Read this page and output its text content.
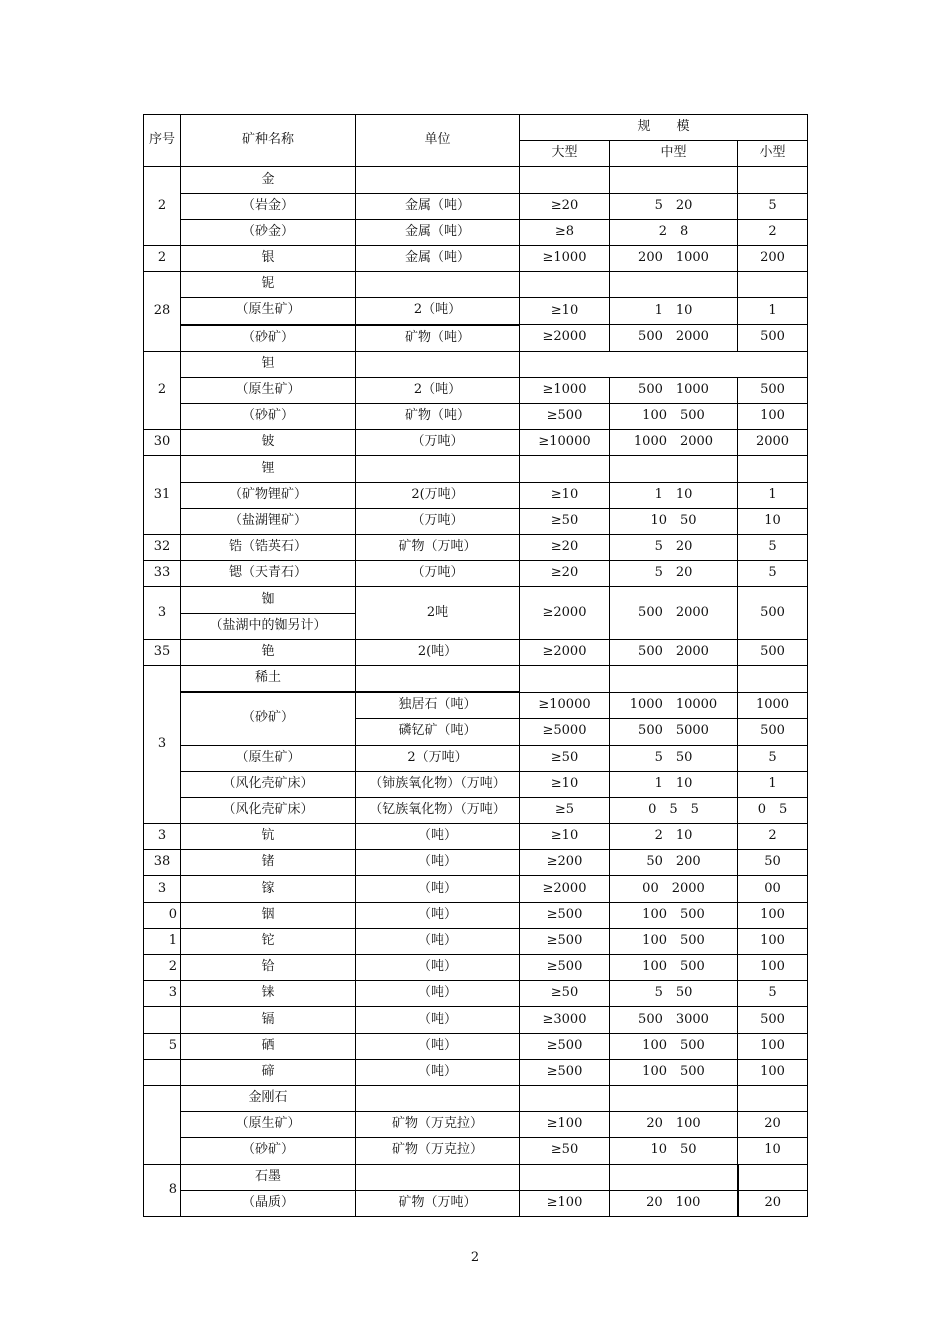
序号	矿种名称	单位	规　　模		
			大型	中型	小型
2	金				
	（岩金）	金属（吨）	≥20	5　20	5
	（砂金）	金属（吨）	≥8	2　8	2
2	银	金属（吨）	≥1000	200　1000	200
28	铌				
	（原生矿）	2（吨）	≥10	1　10	1
	（砂矿）	矿物（吨）	≥2000	500　2000	500
2	钽				
	（原生矿）	2（吨）	≥1000	500　1000	500
	（砂矿）	矿物（吨）	≥500	100　500	100
30	铍	（万吨）	≥10000	1000　2000	2000
31	锂				
	（矿物锂矿）	2(万吨）	≥10	1　10	1
	（盐湖锂矿）	（万吨）	≥50	10　50	10
32	锆（锆英石）	矿物（万吨）	≥20	5　20	5
33	锶（天青石）	（万吨）	≥20	5　20	5
3	铷	2吨	≥2000	500　2000	500
	（盐湖中的铷另计）				
35	铯	2(吨）	≥2000	500　2000	500
3	稀土				
	（砂矿）	独居石（吨）	≥10000	1000　10000	1000
		磷钇矿（吨）	≥5000	500　5000	500
	（原生矿）	2（万吨）	≥50	5　50	5
	（风化壳矿床）	（铈族氧化物）（万吨）	≥10	1　10	1
	（风化壳矿床）	（钇族氧化物）（万吨）	≥5	0　5　5	0　5
3	钪	（吨）	≥10	2　10	2
38	锗	（吨）	≥200	50　200	50
3	镓	（吨）	≥2000	00　2000	00
0	铟	（吨）	≥500	100　500	100
1	铊	（吨）	≥500	100　500	100
2	铪	（吨）	≥500	100　500	100
3	铼	（吨）	≥50	5　50	5
	镉	（吨）	≥3000	500　3000	500
5	硒	（吨）	≥500	100　500	100
	碲	（吨）	≥500	100　500	100
	金刚石				
	（原生矿）	矿物（万克拉）	≥100	20　100	20
	（砂矿）	矿物（万克拉）	≥50	10　50	10
8	石墨				
	（晶质）	矿物（万吨）	≥100	20　100	20
2
